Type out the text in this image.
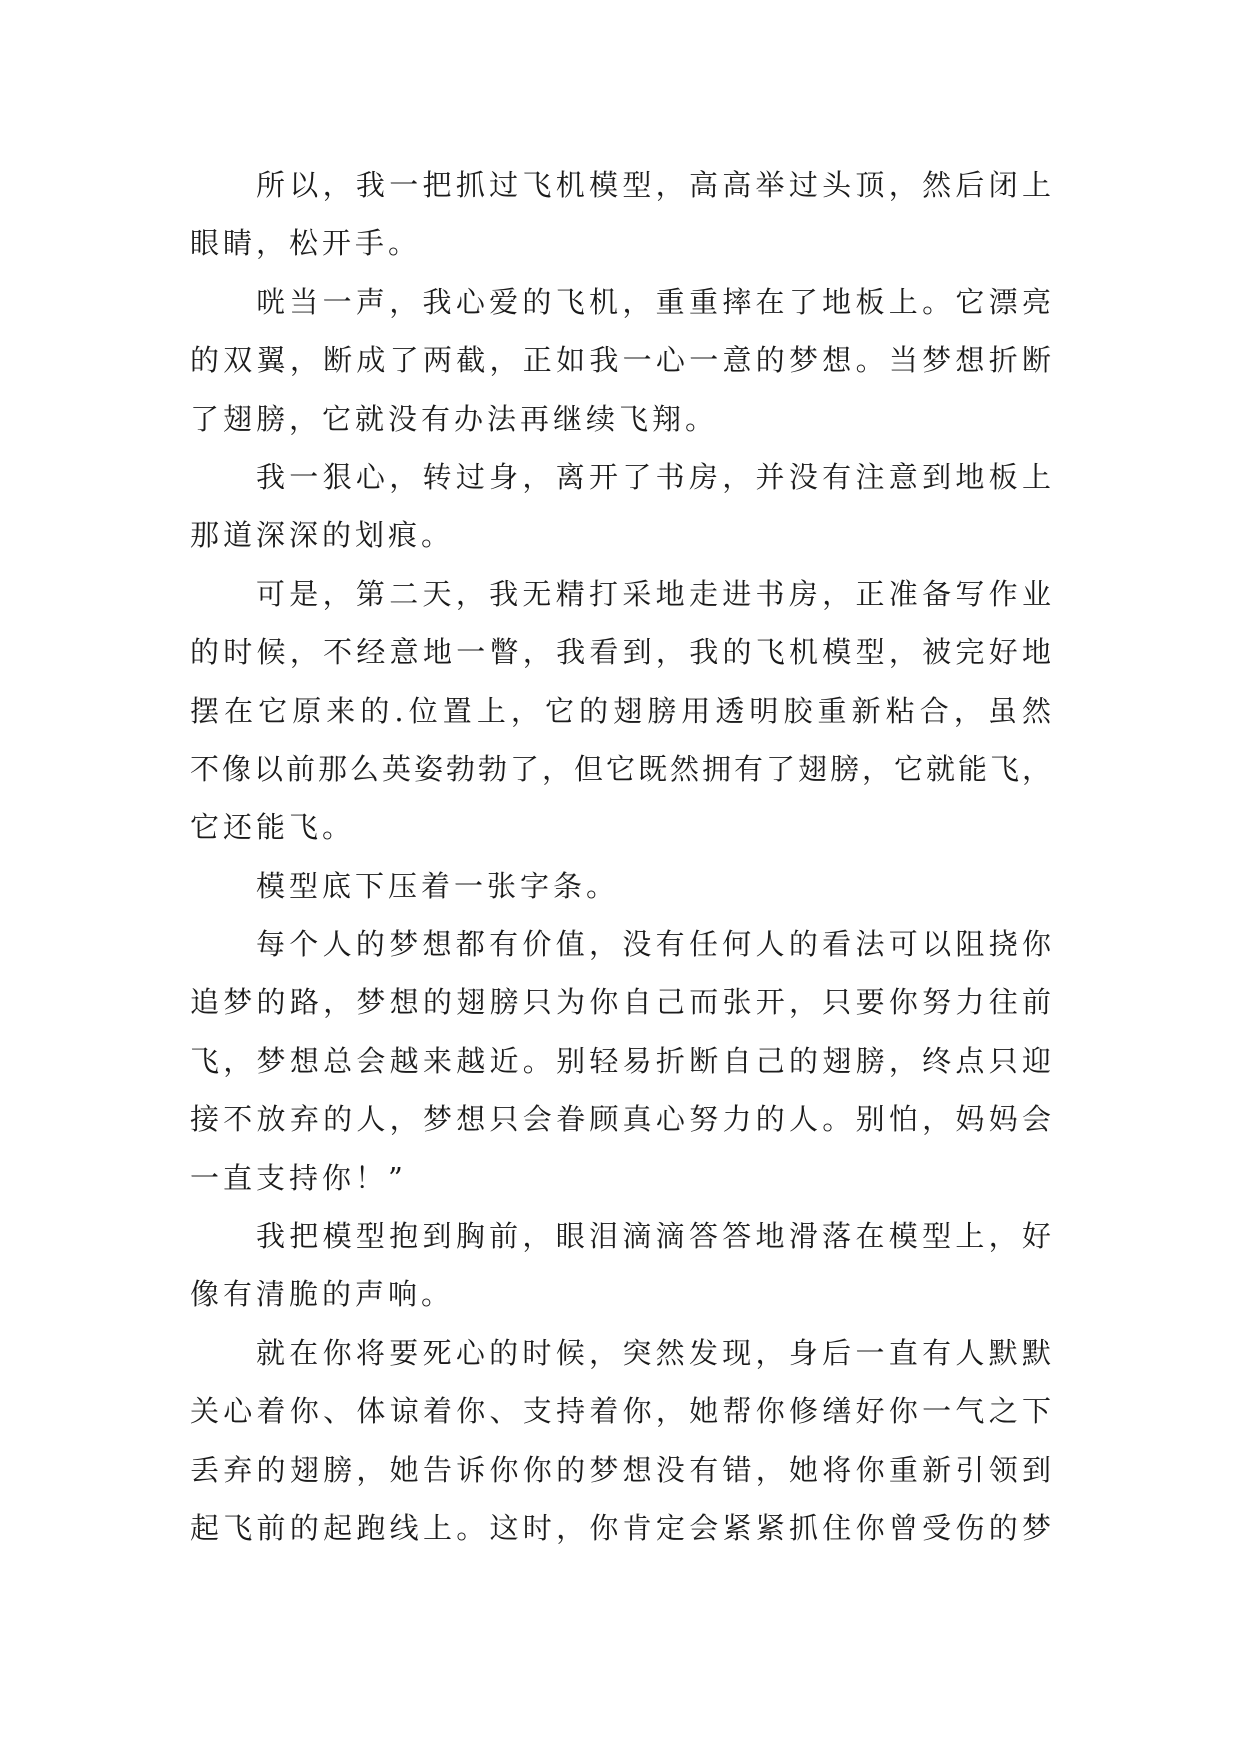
所以，我一把抓过飞机模型，高高举过头顶，然后闭上
眼睛，松开手。
咣当一声，我心爱的飞机，重重摔在了地板上。它漂亮
的双翼，断成了两截，正如我一心一意的梦想。当梦想折断
了翅膀，它就没有办法再继续飞翔。
我一狠心，转过身，离开了书房，并没有注意到地板上
那道深深的划痕。
可是，第二天，我无精打采地走进书房，正准备写作业
的时候，不经意地一瞥，我看到，我的飞机模型，被完好地
摆在它原来的.位置上，它的翅膀用透明胶重新粘合，虽然
不像以前那么英姿勃勃了，但它既然拥有了翅膀，它就能飞，
它还能飞。
模型底下压着一张字条。
每个人的梦想都有价值，没有任何人的看法可以阻挠你
追梦的路，梦想的翅膀只为你自己而张开，只要你努力往前
飞，梦想总会越来越近。别轻易折断自己的翅膀，终点只迎
接不放弃的人，梦想只会眷顾真心努力的人。别怕，妈妈会
一直支持你！”
我把模型抱到胸前，眼泪滴滴答答地滑落在模型上，好
像有清脆的声响。
就在你将要死心的时候，突然发现，身后一直有人默默
关心着你、体谅着你、支持着你，她帮你修缮好你一气之下
丢弃的翅膀，她告诉你你的梦想没有错，她将你重新引领到
起飞前的起跑线上。这时，你肯定会紧紧抓住你曾受伤的梦
